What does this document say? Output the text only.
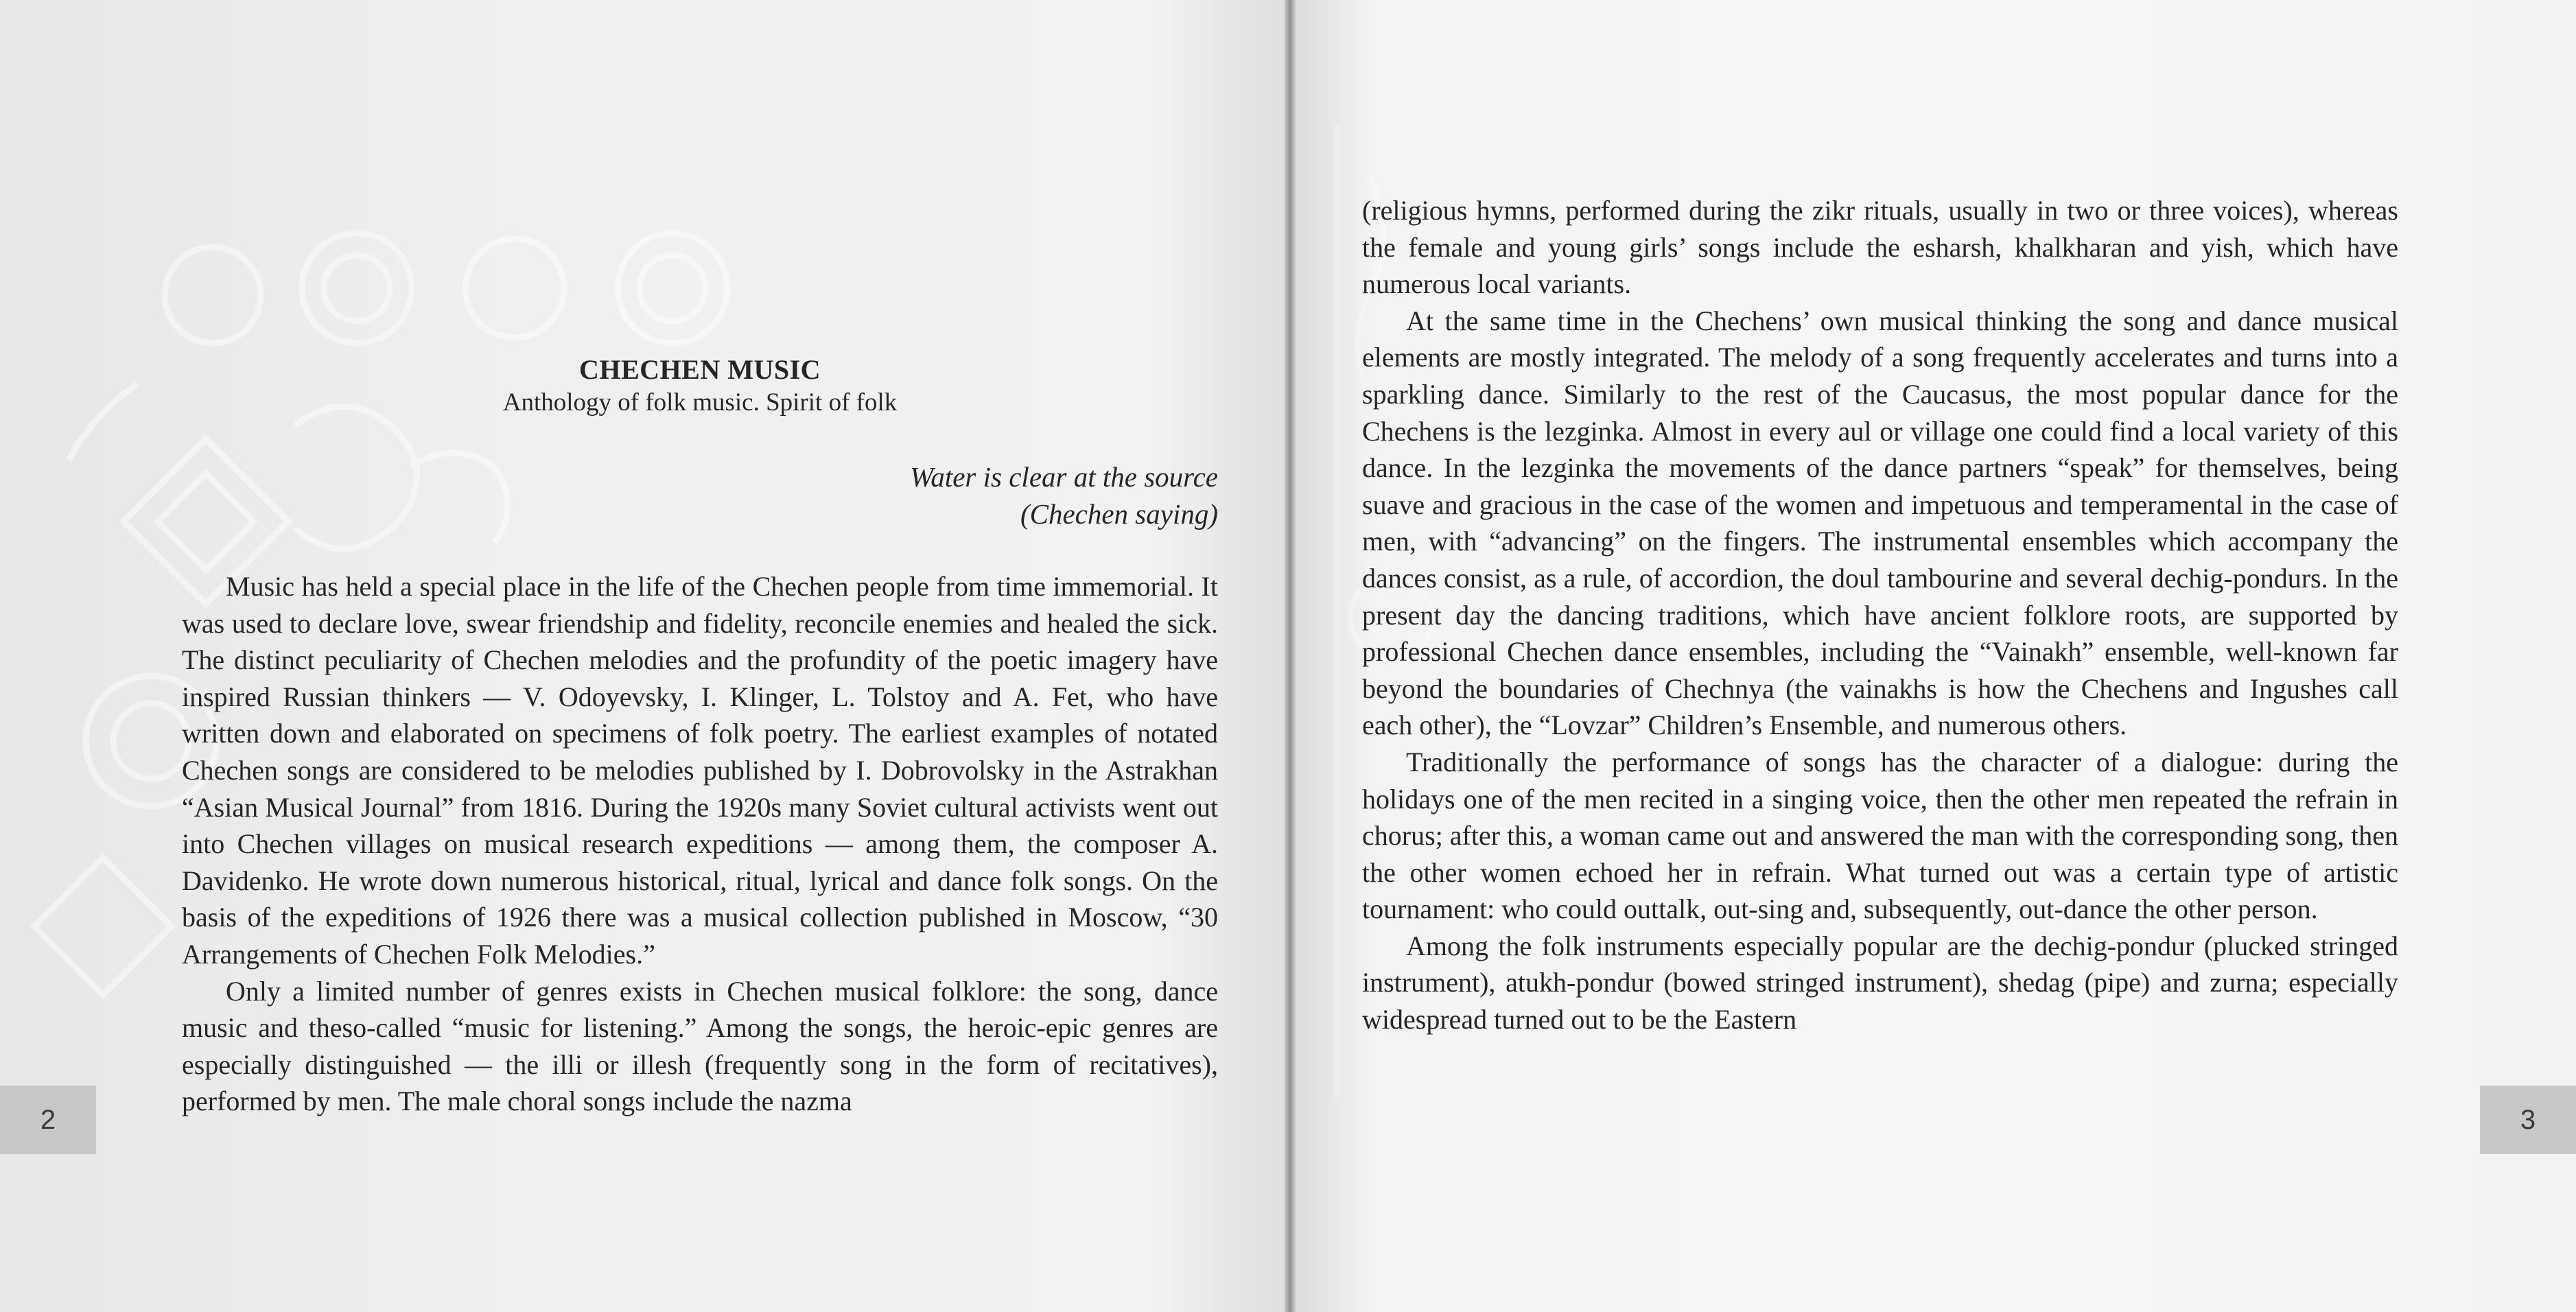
CHECHEN MUSIC
Anthology of folk music. Spirit of folk
Water is clear at the source
(Chechen saying)

Music has held a special place in the life of the Chechen people from time immemorial. It was used to declare love, swear friendship and fidelity, reconcile enemies and healed the sick. The distinct peculiarity of Chechen melodies and the profundity of the poetic imagery have inspired Russian thinkers — V. Odoyevsky, I. Klinger, L. Tolstoy and A. Fet, who have written down and elaborated on specimens of folk poetry. The earliest examples of notated Chechen songs are considered to be melodies published by I. Dobrovolsky in the Astrakhan “Asian Musical Journal” from 1816. During the 1920s many Soviet cultural activists went out into Chechen villages on musical research expeditions — among them, the composer A. Davidenko. He wrote down numerous historical, ritual, lyrical and dance folk songs. On the basis of the expeditions of 1926 there was a musical collection published in Moscow, “30 Arrangements of Chechen Folk Melodies.”

Only a limited number of genres exists in Chechen musical folklore: the song, dance music and theso-called “music for listening.” Among the songs, the heroic-epic genres are especially distinguished — the illi or illesh (frequently song in the form of recitatives), performed by men. The male choral songs include the nazma

2

(religious hymns, performed during the zikr rituals, usually in two or three voices), whereas the female and young girls’ songs include the esharsh, khalkharan and yish, which have numerous local variants.

At the same time in the Chechens’ own musical thinking the song and dance musical elements are mostly integrated. The melody of a song frequently accelerates and turns into a sparkling dance. Similarly to the rest of the Caucasus, the most popular dance for the Chechens is the lezginka. Almost in every aul or village one could find a local variety of this dance. In the lezginka the movements of the dance partners “speak” for themselves, being suave and gracious in the case of the women and impetuous and temperamental in the case of men, with “advancing” on the fingers. The instrumental ensembles which accompany the dances consist, as a rule, of accordion, the doul tambourine and several dechig-pondurs. In the present day the dancing traditions, which have ancient folklore roots, are supported by professional Chechen dance ensembles, including the “Vainakh” ensemble, well-known far beyond the boundaries of Chechnya (the vainakhs is how the Chechens and Ingushes call each other), the “Lovzar” Children’s Ensemble, and numerous others.

Traditionally the performance of songs has the character of a dialogue: during the holidays one of the men recited in a singing voice, then the other men repeated the refrain in chorus; after this, a woman came out and answered the man with the corresponding song, then the other women echoed her in refrain. What turned out was a certain type of artistic tournament: who could outtalk, out-sing and, subsequently, out-dance the other person.

Among the folk instruments especially popular are the dechig-pondur (plucked stringed instrument), atukh-pondur (bowed stringed instrument), shedag (pipe) and zurna; especially widespread turned out to be the Eastern

3
